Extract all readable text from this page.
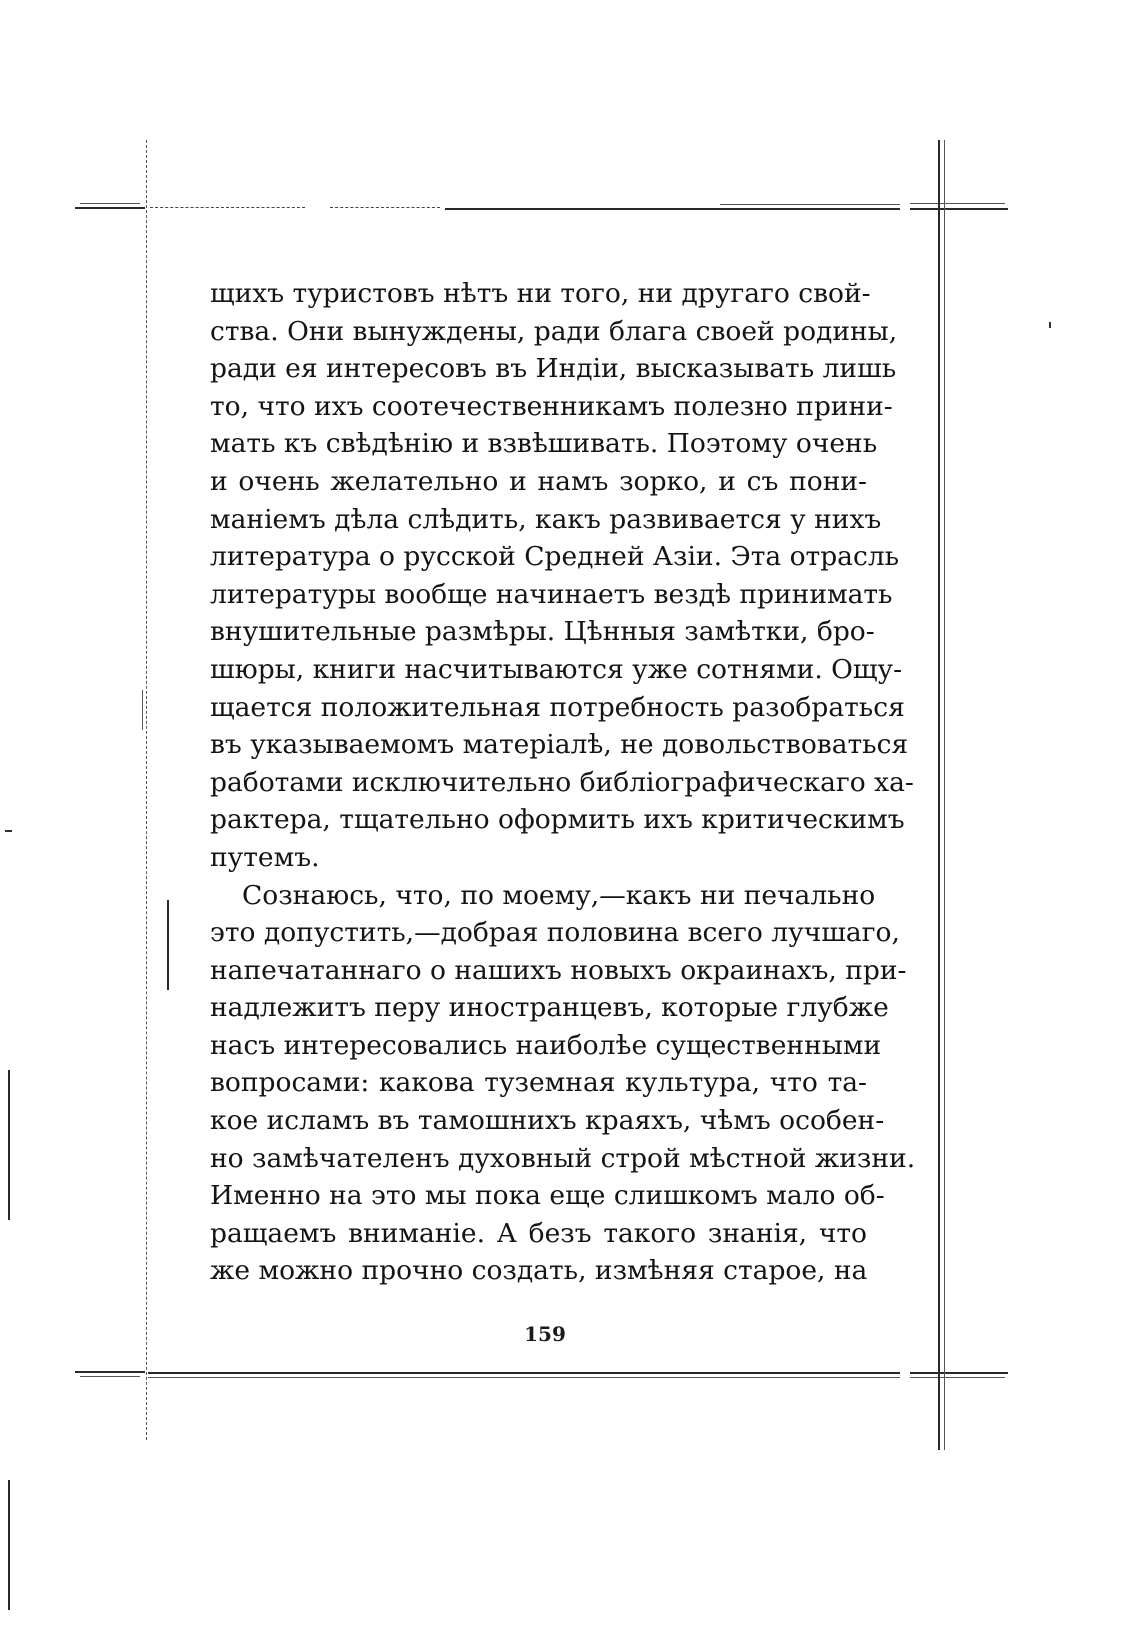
щихъ туристовъ нѣтъ ни того, ни другаго свой-
ства. Они вынуждены, ради блага своей родины,
ради ея интересовъ въ Индіи, высказывать лишь
то, что ихъ соотечественникамъ полезно прини-
мать къ свѣдѣнію и взвѣшивать. Поэтому очень
и очень желательно и намъ зорко, и съ пони-
маніемъ дѣла слѣдить, какъ развивается у нихъ
литература о русской Средней Азіи. Эта отрасль
литературы вообще начинаетъ вездѣ принимать
внушительные размѣры. Цѣнныя замѣтки, бро-
шюры, книги насчитываются уже сотнями. Ощу-
щается положительная потребность разобраться
въ указываемомъ матеріалѣ, не довольствоваться
работами исключительно библіографическаго ха-
рактера, тщательно оформить ихъ критическимъ
путемъ.
Сознаюсь, что, по моему,—какъ ни печально
это допустить,—добрая половина всего лучшаго,
напечатаннаго о нашихъ новыхъ окраинахъ, при-
надлежитъ перу иностранцевъ, которые глубже
насъ интересовались наиболѣе существенными
вопросами: какова туземная культура, что та-
кое исламъ въ тамошнихъ краяхъ, чѣмъ особен-
но замѣчателенъ духовный строй мѣстной жизни.
Именно на это мы пока еще слишкомъ мало об-
ращаемъ вниманіе. А безъ такого знанія, что
же можно прочно создать, измѣняя старое, на
159
